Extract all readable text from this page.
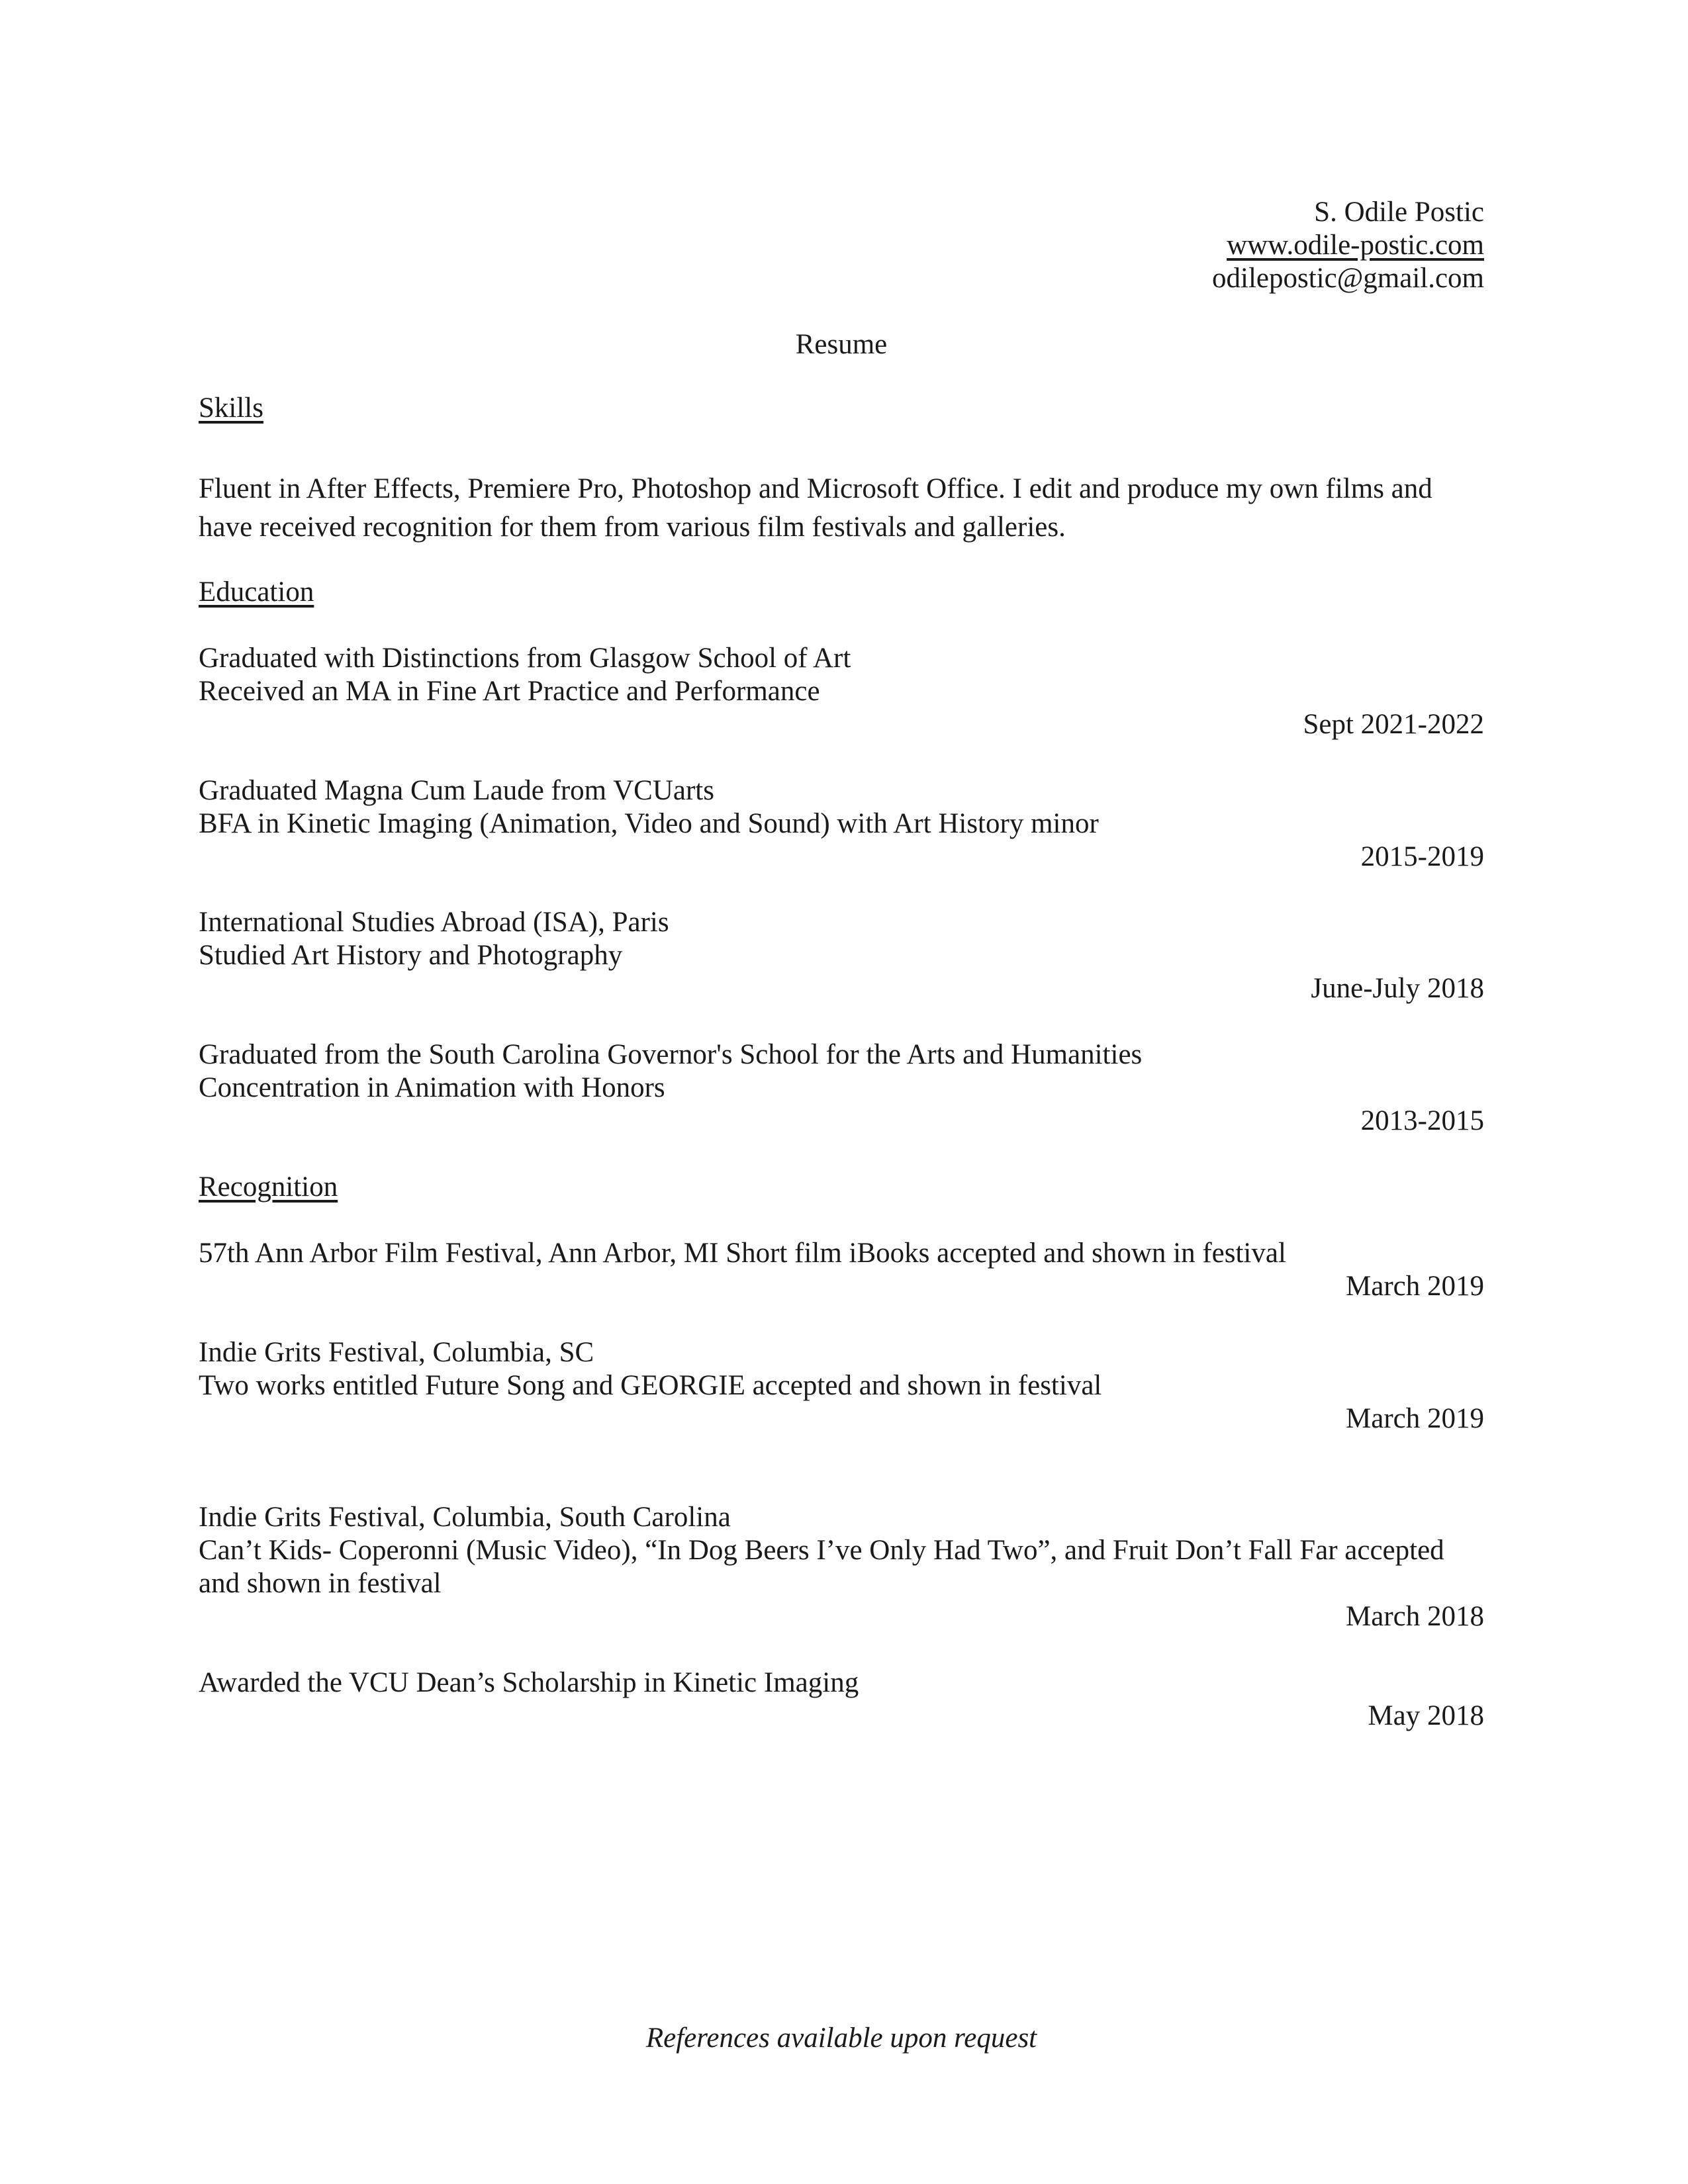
S. Odile Postic
www.odile-postic.com
odilepostic@gmail.com
Resume
Skills
Fluent in After Effects, Premiere Pro, Photoshop and Microsoft Office. I edit and produce my own films and have received recognition for them from various film festivals and galleries.
Education
Graduated with Distinctions from Glasgow School of Art
Received an MA in Fine Art Practice and Performance
Sept 2021-2022
Graduated Magna Cum Laude from VCUarts
BFA in Kinetic Imaging (Animation, Video and Sound) with Art History minor
2015-2019
International Studies Abroad (ISA), Paris
Studied Art History and Photography
June-July 2018
Graduated from the South Carolina Governor's School for the Arts and Humanities
Concentration in Animation with Honors
2013-2015
Recognition
57th Ann Arbor Film Festival, Ann Arbor, MI Short film iBooks accepted and shown in festival
March 2019
Indie Grits Festival, Columbia, SC
Two works entitled Future Song and GEORGIE accepted and shown in festival
March 2019
Indie Grits Festival, Columbia, South Carolina
Can’t Kids- Coperonni (Music Video), “In Dog Beers I’ve Only Had Two”, and Fruit Don’t Fall Far accepted
and shown in festival
March 2018
Awarded the VCU Dean’s Scholarship in Kinetic Imaging
May 2018
References available upon request
